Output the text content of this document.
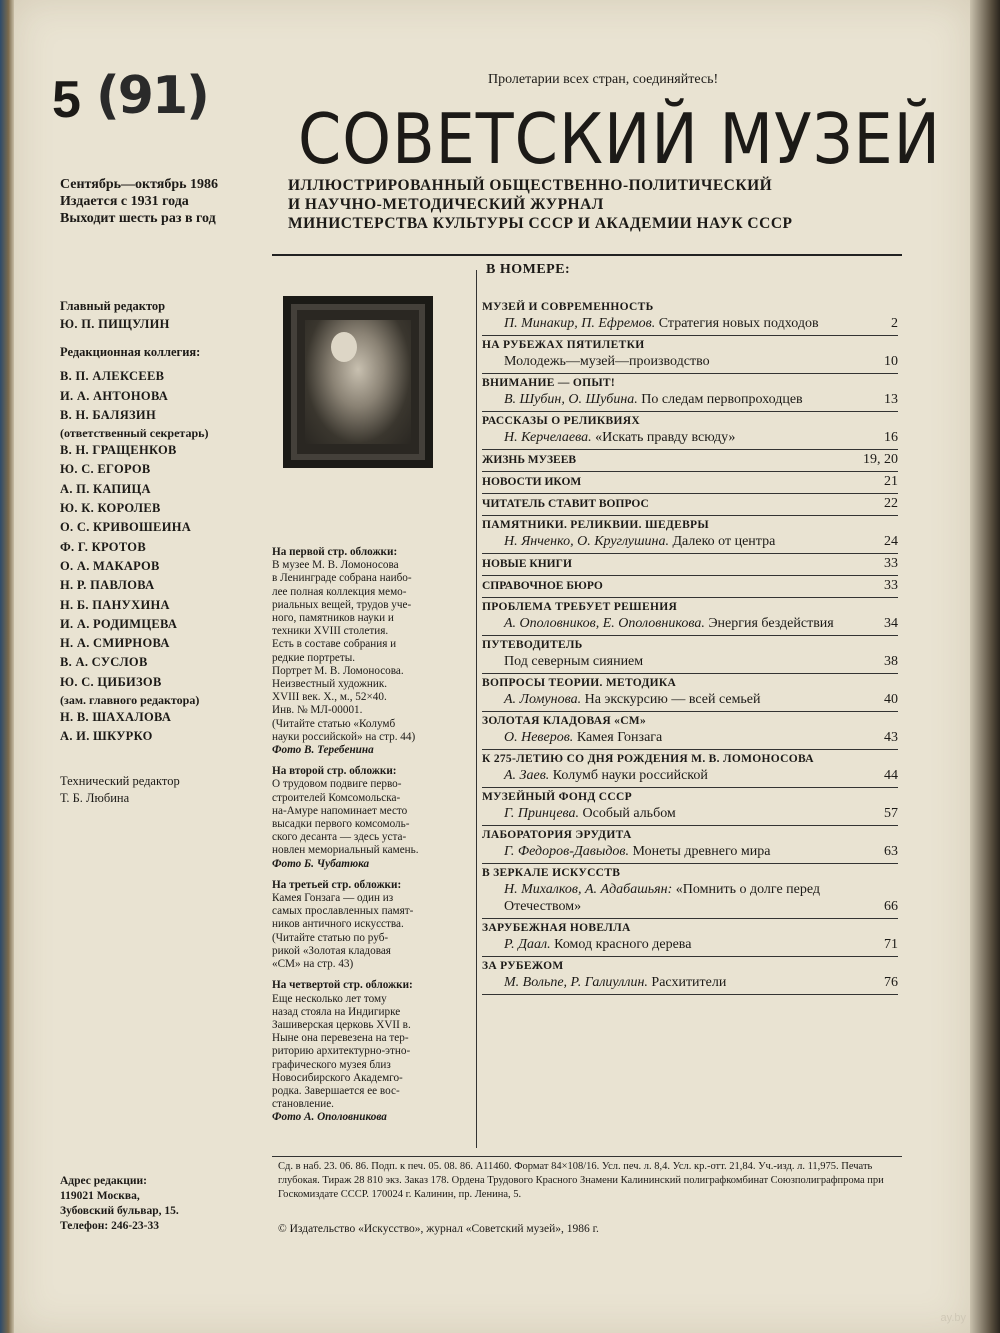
5 (91)	Пролетарии всех стран, соединяйтесь!
СОВЕТСКИЙ МУЗЕЙ
Сентябрь—октябрь 1986
Издается с 1931 года
Выходит шесть раз в год
ИЛЛЮСТРИРОВАННЫЙ ОБЩЕСТВЕННО-ПОЛИТИЧЕСКИЙ
И НАУЧНО-МЕТОДИЧЕСКИЙ ЖУРНАЛ
МИНИСТЕРСТВА КУЛЬТУРЫ СССР И АКАДЕМИИ НАУК СССР
В НОМЕРЕ:
МУЗЕЙ И СОВРЕМЕННОСТЬ
П. Минакир, П. Ефремов. Стратегия новых подходов	2
НА РУБЕЖАХ ПЯТИЛЕТКИ
Молодежь—музей—производство	10
ВНИМАНИЕ — ОПЫТ!
В. Шубин, О. Шубина. По следам первопроходцев	13
РАССКАЗЫ О РЕЛИКВИЯХ
Н. Керчелаева. «Искать правду всюду»	16
ЖИЗНЬ МУЗЕЕВ	19, 20
НОВОСТИ ИКОМ	21
ЧИТАТЕЛЬ СТАВИТ ВОПРОС	22
ПАМЯТНИКИ. РЕЛИКВИИ. ШЕДЕВРЫ
Н. Янченко, О. Круглушина. Далеко от центра	24
НОВЫЕ КНИГИ	33
СПРАВОЧНОЕ БЮРО	33
ПРОБЛЕМА ТРЕБУЕТ РЕШЕНИЯ
А. Ополовников, Е. Ополовникова. Энергия бездействия	34
ПУТЕВОДИТЕЛЬ
Под северным сиянием	38
ВОПРОСЫ ТЕОРИИ. МЕТОДИКА
А. Ломунова. На экскурсию — всей семьей	40
ЗОЛОТАЯ КЛАДОВАЯ «СМ»
О. Неверов. Камея Гонзага	43
К 275-ЛЕТИЮ СО ДНЯ РОЖДЕНИЯ М. В. ЛОМОНОСОВА
А. Заев. Колумб науки российской	44
МУЗЕЙНЫЙ ФОНД СССР
Г. Принцева. Особый альбом	57
ЛАБОРАТОРИЯ ЭРУДИТА
Г. Федоров-Давыдов. Монеты древнего мира	63
В ЗЕРКАЛЕ ИСКУССТВ
Н. Михалков, А. Адабашьян: «Помнить о долге перед Отечеством»	66
ЗАРУБЕЖНАЯ НОВЕЛЛА
Р. Даал. Комод красного дерева	71
ЗА РУБЕЖОМ
М. Вольпе, Р. Галиуллин. Расхитители	76
Главный редактор
Ю. П. ПИЩУЛИН
Редакционная коллегия:
В. П. АЛЕКСЕЕВ
И. А. АНТОНОВА
В. Н. БАЛЯЗИН
(ответственный секретарь)
В. Н. ГРАЩЕНКОВ
Ю. С. ЕГОРОВ
А. П. КАПИЦА
Ю. К. КОРОЛЕВ
О. С. КРИВОШЕИНА
Ф. Г. КРОТОВ
О. А. МАКАРОВ
Н. Р. ПАВЛОВА
Н. Б. ПАНУХИНА
И. А. РОДИМЦЕВА
Н. А. СМИРНОВА
В. А. СУСЛОВ
Ю. С. ЦИБИЗОВ
(зам. главного редактора)
Н. В. ШАХАЛОВА
А. И. ШКУРКО
Технический редактор
Т. Б. Любина
На первой стр. обложки:
В музее М. В. Ломоносова
в Ленинграде собрана наибо-
лее полная коллекция мемо-
риальных вещей, трудов уче-
ного, памятников науки и
техники XVIII столетия.
Есть в составе собрания и
редкие портреты.
Портрет М. В. Ломоносова.
Неизвестный художник.
XVIII век. Х., м., 52×40.
Инв. № МЛ-00001.
(Читайте статью «Колумб
науки российской» на стр. 44)
Фото В. Теребенина
На второй стр. обложки:
О трудовом подвиге перво-
строителей Комсомольска-
на-Амуре напоминает место
высадки первого комсомоль-
ского десанта — здесь уста-
новлен мемориальный камень.
Фото Б. Чубатюка
На третьей стр. обложки:
Камея Гонзага — один из
самых прославленных памят-
ников античного искусства.
(Читайте статью по руб-
рикой «Золотая кладовая
«СМ» на стр. 43)
На четвертой стр. обложки:
Еще несколько лет тому
назад стояла на Индигирке
Зашиверская церковь XVII в.
Ныне она перевезена на тер-
риторию архитектурно-этно-
графического музея близ
Новосибирского Академго-
родка. Завершается ее вос-
становление.
Фото А. Ополовникова
Адрес редакции:
119021 Москва,
Зубовский бульвар, 15.
Телефон: 246-23-33
Сд. в наб. 23. 06. 86. Подп. к печ. 05. 08. 86. А11460. Формат 84×108/16. Усл. печ. л. 8,4. Усл. кр.-отт. 21,84. Уч.-изд. л. 11,975. Печать глубокая. Тираж 28 810 экз. Заказ 178. Ордена Трудового Красного Знамени Калининский полиграфкомбинат Союзполиграфпрома при Госкомиздате СССР. 170024 г. Калинин, пр. Ленина, 5.
© Издательство «Искусство», журнал «Советский музей», 1986 г.
ay.by
